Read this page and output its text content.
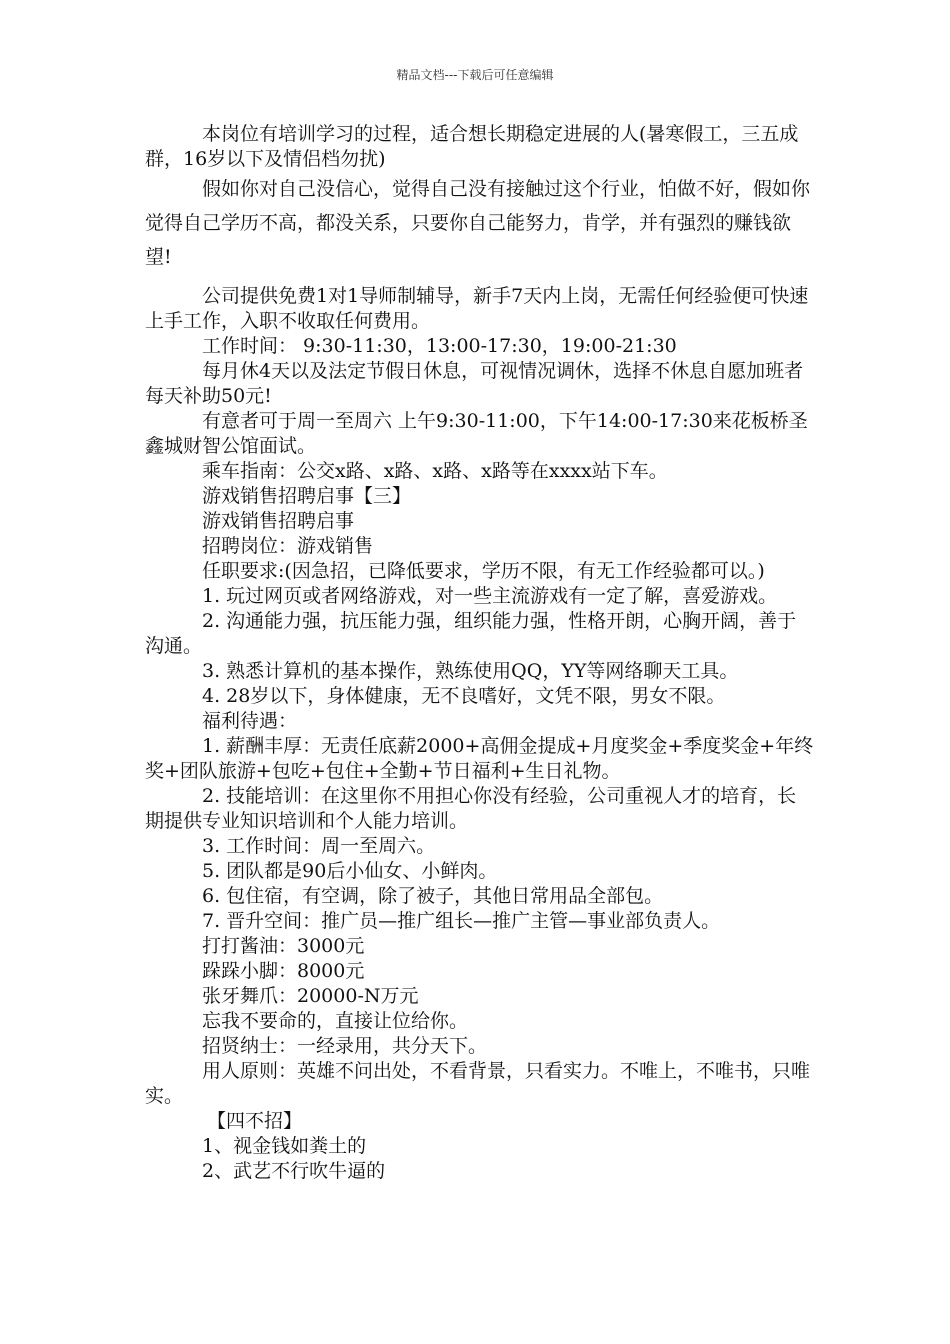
精品文档---下载后可任意编辑

本岗位有培训学习的过程，适合想长期稳定进展的人(暑寒假工，三五成群，16岁以下及情侣档勿扰)

假如你对自己没信心，觉得自己没有接触过这个行业，怕做不好，假如你觉得自己学历不高，都没关系，只要你自己能努力，肯学，并有强烈的赚钱欲望!

公司提供免费1对1导师制辅导，新手7天内上岗，无需任何经验便可快速上手工作，入职不收取任何费用。

工作时间： 9:30-11:30，13:00-17:30，19:00-21:30

每月休4天以及法定节假日休息，可视情况调休，选择不休息自愿加班者每天补助50元!

有意者可于周一至周六 上午9:30-11:00，下午14:00-17:30来花板桥圣鑫城财智公馆面试。

乘车指南：公交x路、x路、x路、x路等在xxxx站下车。

游戏销售招聘启事【三】

游戏销售招聘启事

招聘岗位：游戏销售

任职要求:(因急招，已降低要求，学历不限，有无工作经验都可以。)

1. 玩过网页或者网络游戏，对一些主流游戏有一定了解，喜爱游戏。

2. 沟通能力强，抗压能力强，组织能力强，性格开朗，心胸开阔，善于沟通。

3. 熟悉计算机的基本操作，熟练使用QQ，YY等网络聊天工具。

4. 28岁以下，身体健康，无不良嗜好，文凭不限，男女不限。

福利待遇：

1. 薪酬丰厚：无责任底薪2000+高佣金提成+月度奖金+季度奖金+年终奖+团队旅游+包吃+包住+全勤+节日福利+生日礼物。

2. 技能培训：在这里你不用担心你没有经验，公司重视人才的培育，长期提供专业知识培训和个人能力培训。

3. 工作时间：周一至周六。

5. 团队都是90后小仙女、小鲜肉。

6. 包住宿，有空调，除了被子，其他日常用品全部包。

7. 晋升空间：推广员—推广组长—推广主管—事业部负责人。

打打酱油：3000元

跺跺小脚：8000元

张牙舞爪：20000-N万元

忘我不要命的，直接让位给你。

招贤纳士：一经录用，共分天下。

用人原则：英雄不问出处，不看背景，只看实力。不唯上，不唯书，只唯实。

【四不招】

1、视金钱如粪土的

2、武艺不行吹牛逼的
